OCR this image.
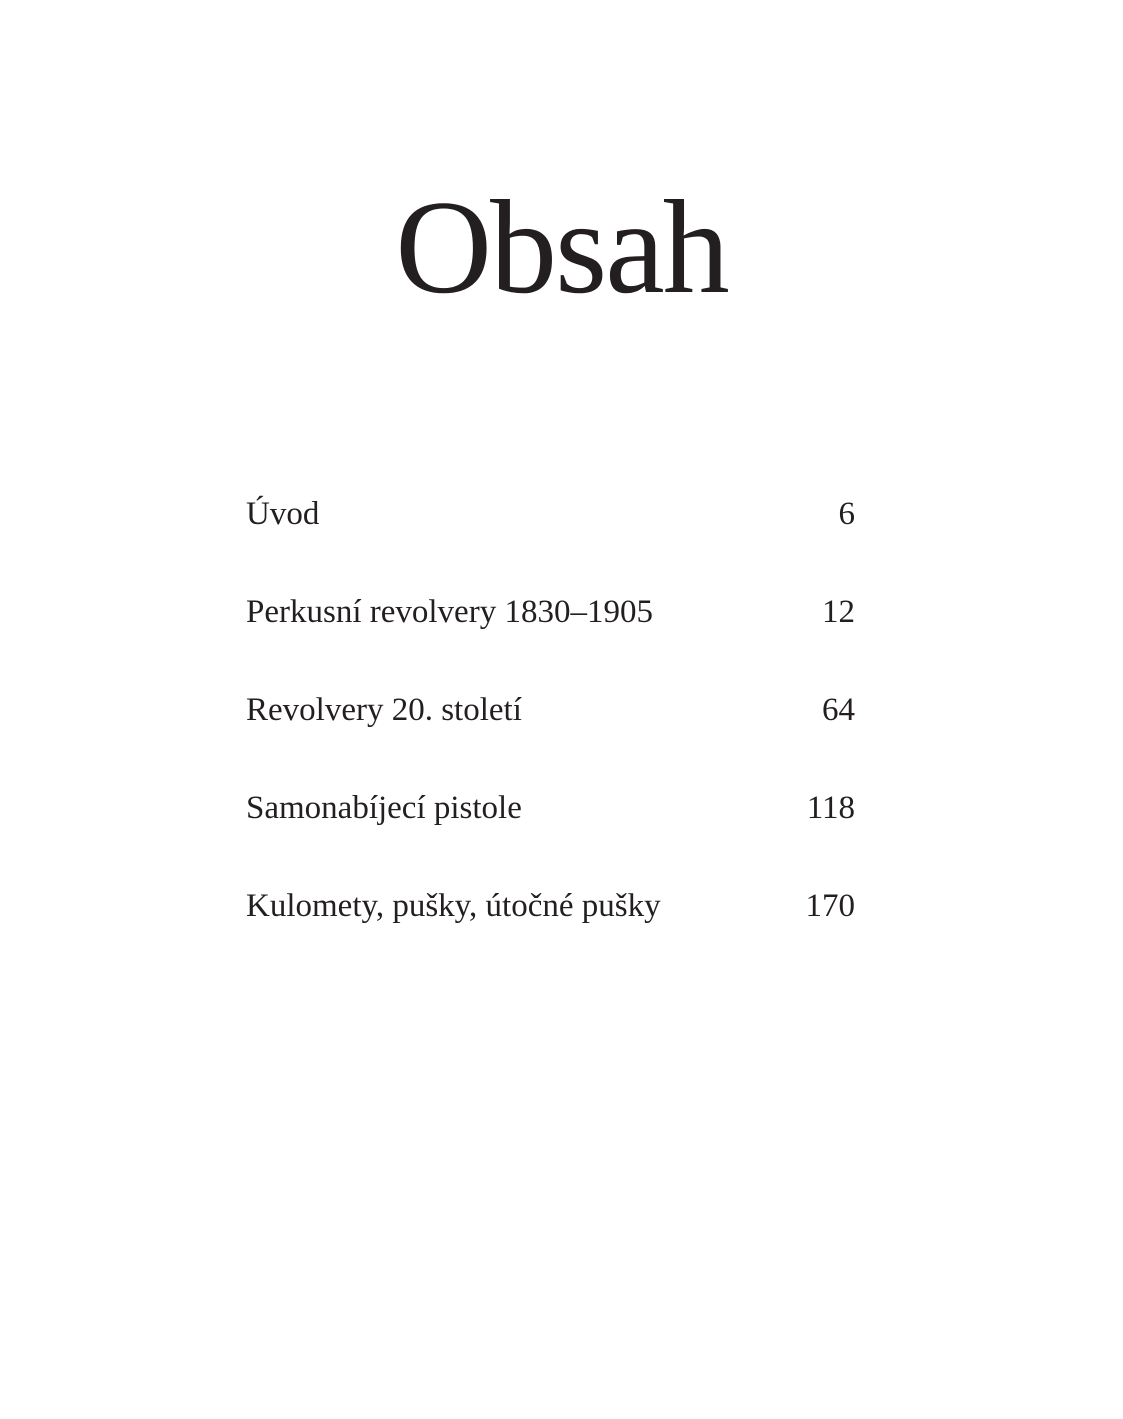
Obsah
Úvod	6
Perkusní revolvery 1830–1905	12
Revolvery 20. století	64
Samonabíjecí pistole	118
Kulomety, pušky, útočné pušky	170
